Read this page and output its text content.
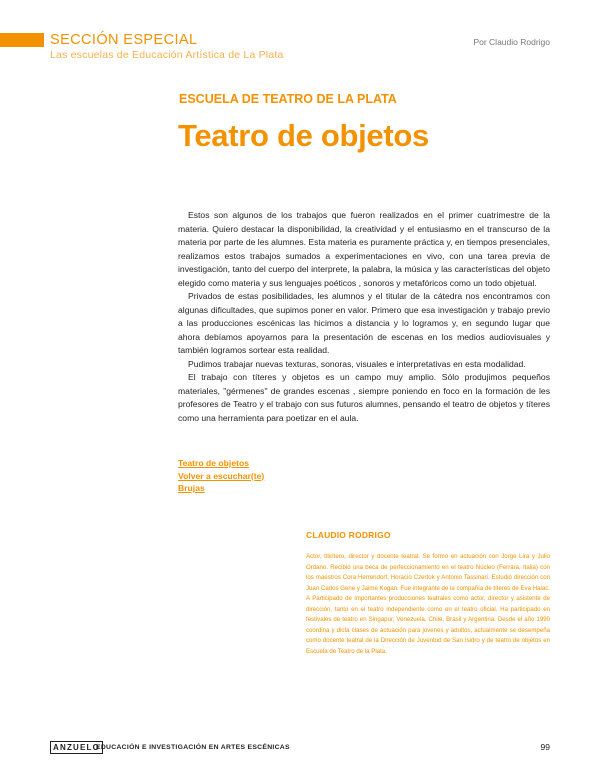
SECCIÓN ESPECIAL
Las escuelas de Educación Artística de La Plata
Por Claudio Rodrigo
ESCUELA DE TEATRO DE LA PLATA
Teatro de objetos

Estos son algunos de los trabajos que fueron realizados en el primer cuatrimestre de la materia. Quiero destacar la disponibilidad, la creatividad y el entusiasmo en el transcurso de la materia por parte de les alumnes. Esta materia es puramente práctica y, en tiempos presenciales, realizamos estos trabajos sumados a experimentaciones en vivo, con una tarea previa de investigación, tanto del cuerpo del interprete, la palabra, la música y las características del objeto elegido como materia y sus lenguajes poéticos , sonoros y metafóricos como un todo objetual.

Privados de estas posibilidades, les alumnos y el titular de la cátedra nos encontramos con algunas dificultades, que supimos poner en valor. Primero que esa investigación y trabajo previo a las producciones escénicas las hicimos a distancia y lo logramos y, en segundo lugar que ahora debíamos apoyarnos para la presentación de escenas en los medios audiovisuales y también logramos sortear esta realidad.

Pudimos trabajar nuevas texturas, sonoras, visuales e interpretativas en esta modalidad.

El trabajo con títeres y objetos es un campo muy amplio. Sólo produjimos pequeños materiales, "gérmenes" de grandes escenas , siempre poniendo en foco en la formación de les profesores de Teatro y el trabajo con sus futuros alumnes, pensando el teatro de objetos y títeres como una herramienta para poetizar en el aula.

Teatro de objetos
Volver a escuchar(te)
Brujas
CLAUDIO RODRIGO
Actor, titiritero, director y docente teatral. Se formo en actuación con Jorge Lira y Julio Ordano. Recibió una beca de perfeccionamiento en el teatro Núcleo (Ferrara, Italia) con los maestros Cora Herrendorf, Horacio Czertok y Antonio Tassinari. Estudió dirección con Juan Carlos Gene y Jaime Kogan. Fue integrante de la compañía de títeres de Eva Halac. A Participado de importantes producciones teatrales como actor, director y asistente de dirección, tanto en el teatro independiente como en el teatro oficial. Ha participado en festivales de teatro en Singapur, Venezuela, Chile, Brasil y Argentina. Desde el año 1990 coordina y dicta clases de actuación para jovenes y adultos, actualmente se desempeña como docente teatral de la Dirección de Juventud de San Isidro y de teatro de objetos en Escuela de Teatro de la Plata.
ANZUELO
EDUCACIÓN E INVESTIGACIÓN EN ARTES ESCÉNICAS	99
